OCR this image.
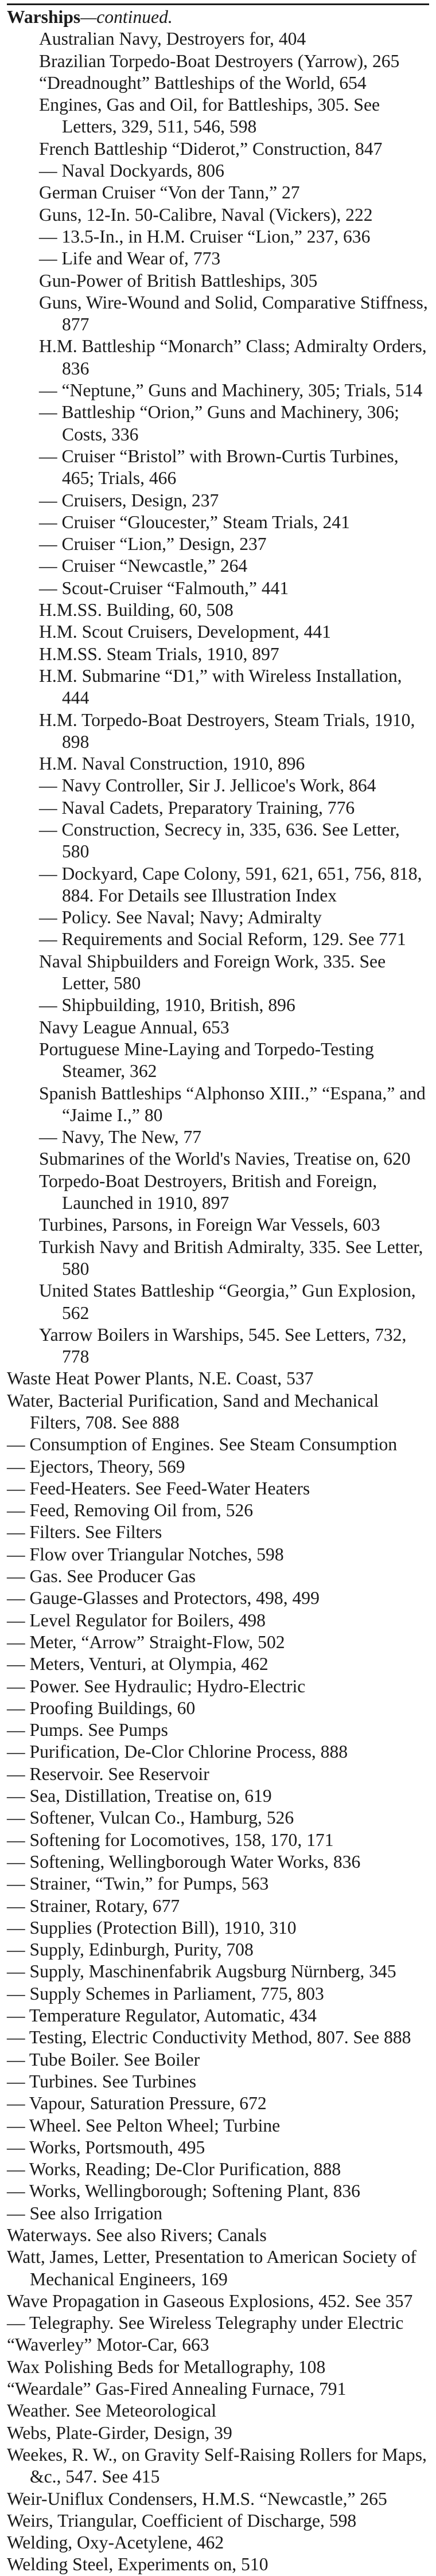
Warships—continued.
Australian Navy, Destroyers for, 404
Brazilian Torpedo-Boat Destroyers (Yarrow), 265
“Dreadnought” Battleships of the World, 654
Engines, Gas and Oil, for Battleships, 305. See Letters, 329, 511, 546, 598
French Battleship “Diderot,” Construction, 847
— Naval Dockyards, 806
German Cruiser “Von der Tann,” 27
Guns, 12-In. 50-Calibre, Naval (Vickers), 222
— 13.5-In., in H.M. Cruiser “Lion,” 237, 636
— Life and Wear of, 773
Gun-Power of British Battleships, 305
Guns, Wire-Wound and Solid, Comparative Stiffness, 877
H.M. Battleship “Monarch” Class; Admiralty Orders, 836
— “Neptune,” Guns and Machinery, 305; Trials, 514
— Battleship “Orion,” Guns and Machinery, 306; Costs, 336
— Cruiser “Bristol” with Brown-Curtis Turbines, 465; Trials, 466
— Cruisers, Design, 237
— Cruiser “Gloucester,” Steam Trials, 241
— Cruiser “Lion,” Design, 237
— Cruiser “Newcastle,” 264
— Scout-Cruiser “Falmouth,” 441
H.M.SS. Building, 60, 508
H.M. Scout Cruisers, Development, 441
H.M.SS. Steam Trials, 1910, 897
H.M. Submarine “D1,” with Wireless Installation, 444
H.M. Torpedo-Boat Destroyers, Steam Trials, 1910, 898
H.M. Naval Construction, 1910, 896
— Navy Controller, Sir J. Jellicoe's Work, 864
— Naval Cadets, Preparatory Training, 776
— Construction, Secrecy in, 335, 636. See Letter, 580
— Dockyard, Cape Colony, 591, 621, 651, 756, 818, 884. For Details see Illustration Index
— Policy. See Naval; Navy; Admiralty
— Requirements and Social Reform, 129. See 771
Naval Shipbuilders and Foreign Work, 335. See Letter, 580
— Shipbuilding, 1910, British, 896
Navy League Annual, 653
Portuguese Mine-Laying and Torpedo-Testing Steamer, 362
Spanish Battleships “Alphonso XIII.,” “Espana,” and “Jaime I.,” 80
— Navy, The New, 77
Submarines of the World's Navies, Treatise on, 620
Torpedo-Boat Destroyers, British and Foreign, Launched in 1910, 897
Turbines, Parsons, in Foreign War Vessels, 603
Turkish Navy and British Admiralty, 335. See Letter, 580
United States Battleship “Georgia,” Gun Explosion, 562
Yarrow Boilers in Warships, 545. See Letters, 732, 778
Waste Heat Power Plants, N.E. Coast, 537
Water, Bacterial Purification, Sand and Mechanical Filters, 708. See 888
— Consumption of Engines. See Steam Consumption
— Ejectors, Theory, 569
— Feed-Heaters. See Feed-Water Heaters
— Feed, Removing Oil from, 526
— Filters. See Filters
— Flow over Triangular Notches, 598
— Gas. See Producer Gas
— Gauge-Glasses and Protectors, 498, 499
— Level Regulator for Boilers, 498
— Meter, “Arrow” Straight-Flow, 502
— Meters, Venturi, at Olympia, 462
— Power. See Hydraulic; Hydro-Electric
— Proofing Buildings, 60
— Pumps. See Pumps
— Purification, De-Clor Chlorine Process, 888
— Reservoir. See Reservoir
— Sea, Distillation, Treatise on, 619
— Softener, Vulcan Co., Hamburg, 526
— Softening for Locomotives, 158, 170, 171
— Softening, Wellingborough Water Works, 836
— Strainer, “Twin,” for Pumps, 563
— Strainer, Rotary, 677
— Supplies (Protection Bill), 1910, 310
— Supply, Edinburgh, Purity, 708
— Supply, Maschinenfabrik Augsburg Nürnberg, 345
— Supply Schemes in Parliament, 775, 803
— Temperature Regulator, Automatic, 434
— Testing, Electric Conductivity Method, 807. See 888
— Tube Boiler. See Boiler
— Turbines. See Turbines
— Vapour, Saturation Pressure, 672
— Wheel. See Pelton Wheel; Turbine
— Works, Portsmouth, 495
— Works, Reading; De-Clor Purification, 888
— Works, Wellingborough; Softening Plant, 836
— See also Irrigation
Waterways. See also Rivers; Canals
Watt, James, Letter, Presentation to American Society of Mechanical Engineers, 169
Wave Propagation in Gaseous Explosions, 452. See 357
— Telegraphy. See Wireless Telegraphy under Electric
“Waverley” Motor-Car, 663
Wax Polishing Beds for Metallography, 108
“Weardale” Gas-Fired Annealing Furnace, 791
Weather. See Meteorological
Webs, Plate-Girder, Design, 39
Weekes, R. W., on Gravity Self-Raising Rollers for Maps, &c., 547. See 415
Weir-Uniflux Condensers, H.M.S. “Newcastle,” 265
Weirs, Triangular, Coefficient of Discharge, 598
Welding, Oxy-Acetylene, 462
Welding Steel, Experiments on, 510
